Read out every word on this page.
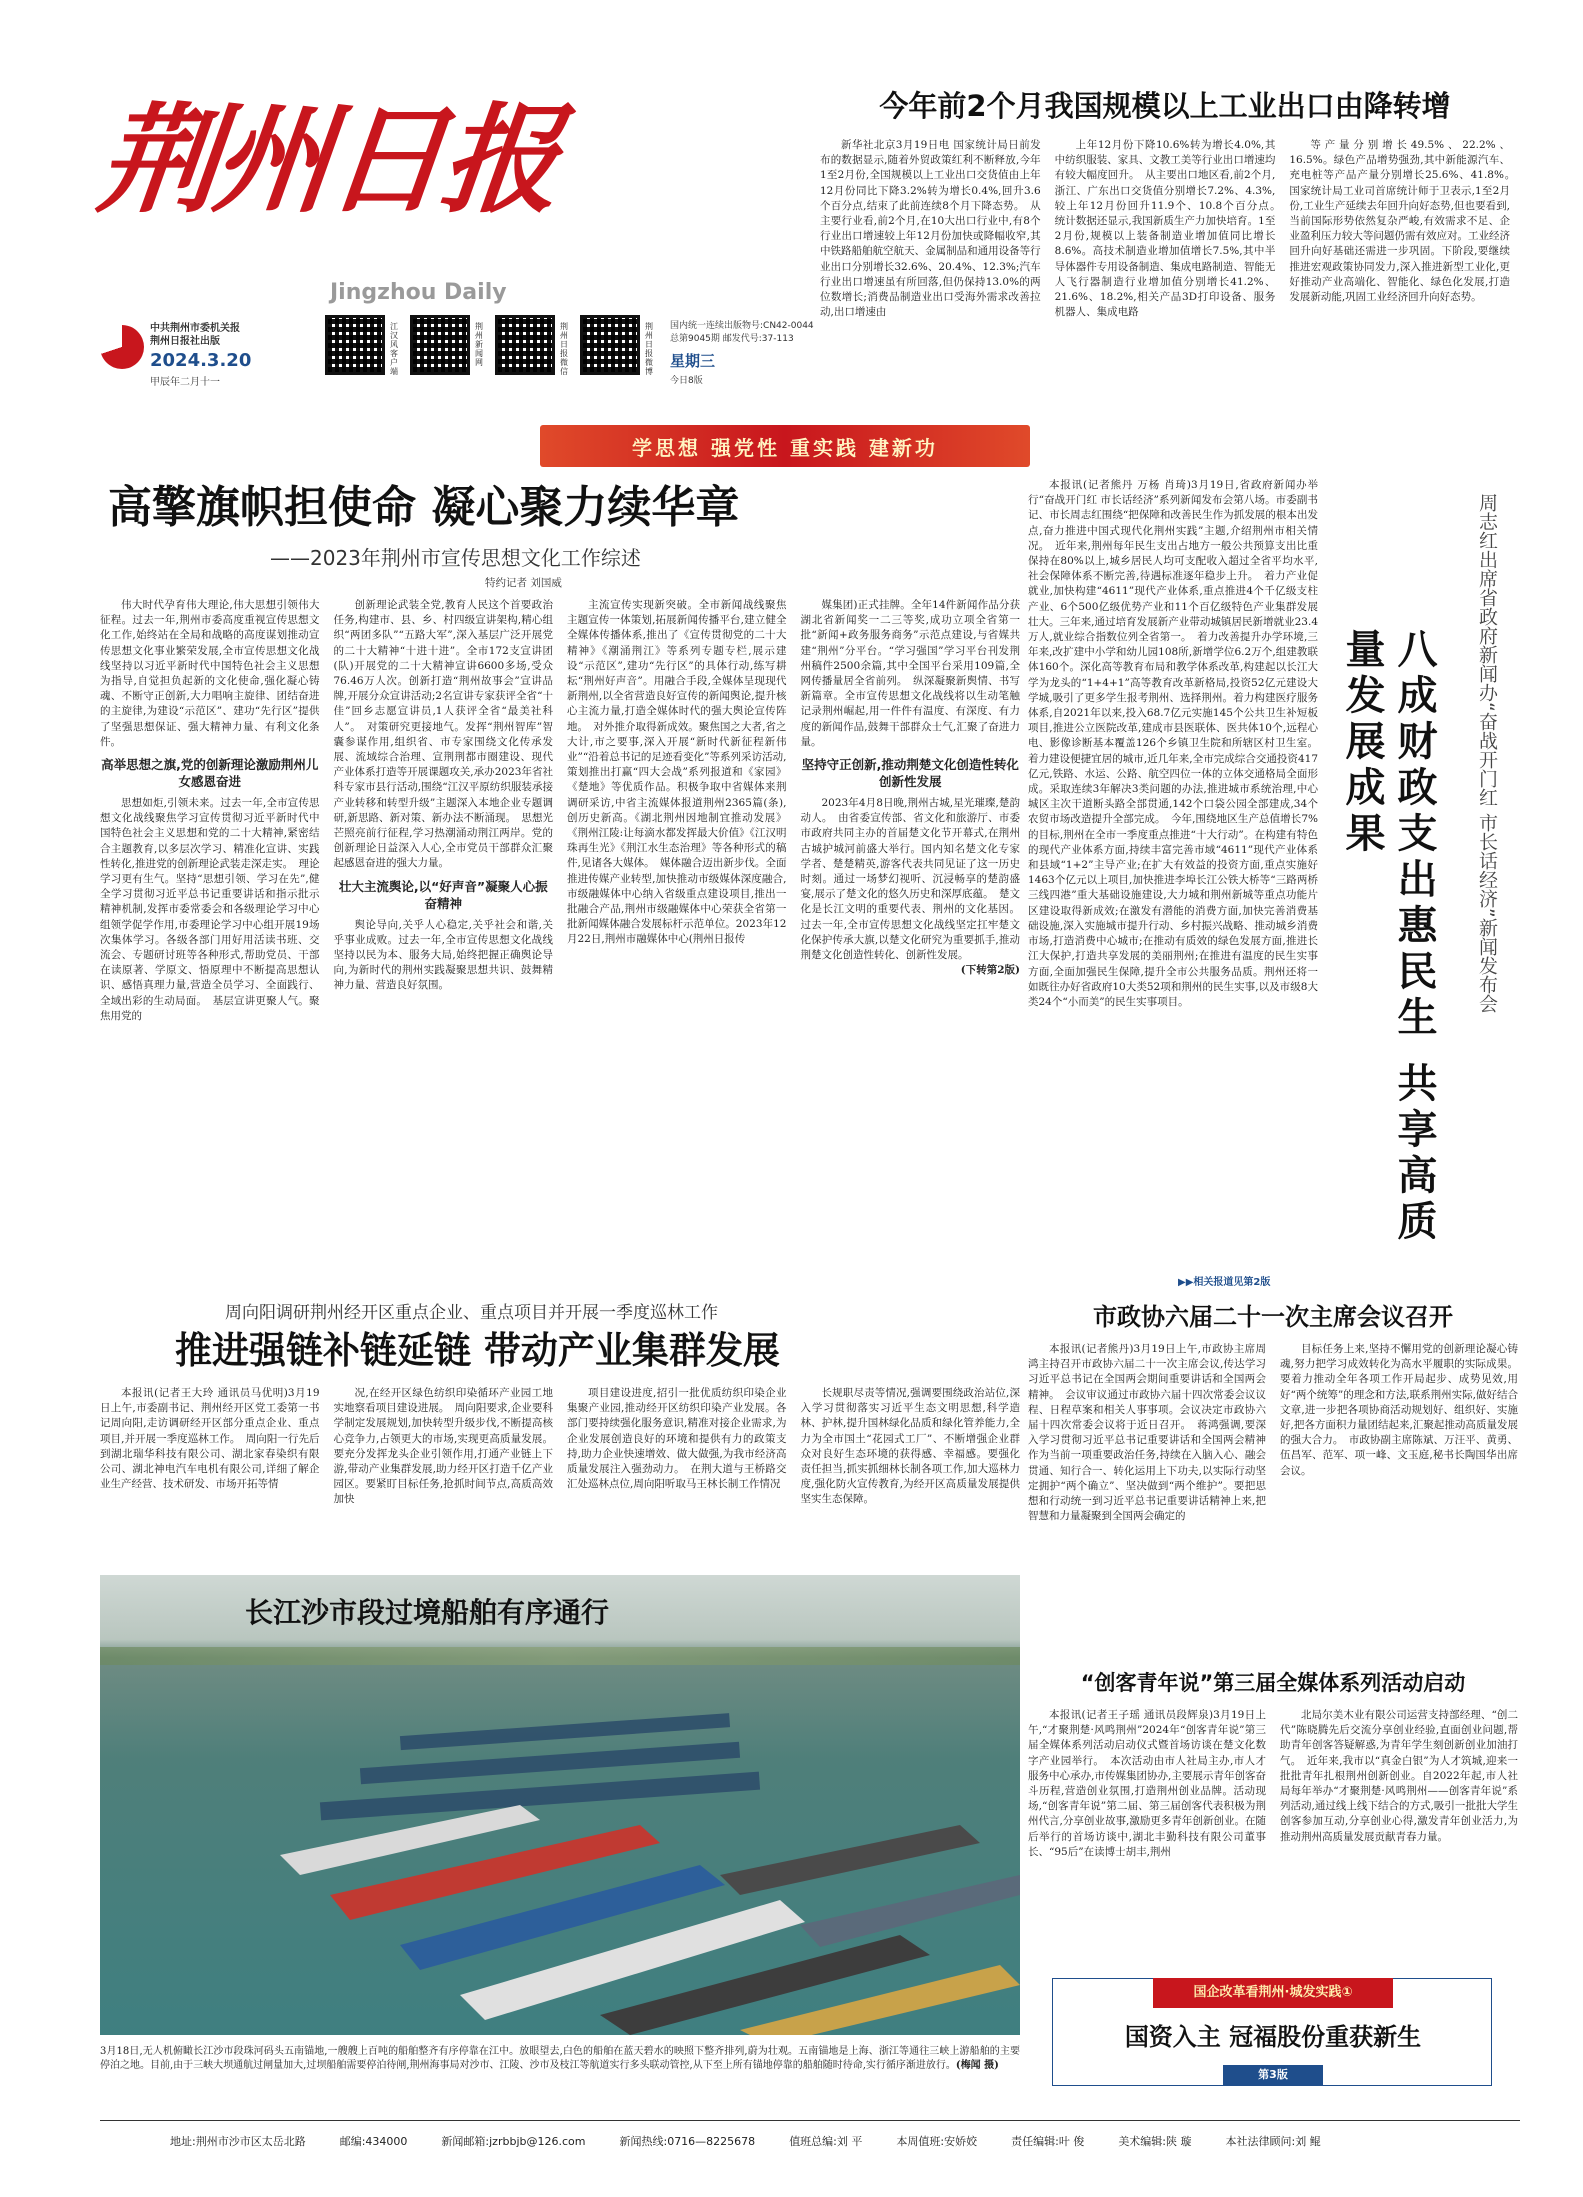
荆州日报
Jingzhou Daily
中共荆州市委机关报
荆州日报社出版
2024.3.20
甲辰年二月十一
江汉风客户端
荆州新闻网
荆州日报微信
荆州日报微博
国内统一连续出版物号:CN42-0044
总第9045期 邮发代号:37-113
星期三
今日8版
今年前2个月我国规模以上工业出口由降转增

新华社北京3月19日电 国家统计局日前发布的数据显示,随着外贸政策红利不断释放,今年1至2月份,全国规模以上工业出口交货值由上年12月份同比下降3.2%转为增长0.4%,回升3.6个百分点,结束了此前连续8个月下降态势。　从主要行业看,前2个月,在10大出口行业中,有8个行业出口增速较上年12月份加快或降幅收窄,其中铁路船舶航空航天、金属制品和通用设备等行业出口分别增长32.6%、20.4%、12.3%;汽车行业出口增速虽有所回落,但仍保持13.0%的两位数增长;消费品制造业出口受海外需求改善拉动,出口增速由

上年12月份下降10.6%转为增长4.0%,其中纺织服装、家具、文教工美等行业出口增速均有较大幅度回升。　从主要出口地区看,前2个月,浙江、广东出口交货值分别增长7.2%、4.3%,较上年12月份回升11.9个、10.8个百分点。　统计数据还显示,我国新质生产力加快培育。1至2月份,规模以上装备制造业增加值同比增长8.6%。高技术制造业增加值增长7.5%,其中半导体器件专用设备制造、集成电路制造、智能无人飞行器制造行业增加值分别增长41.2%、21.6%、18.2%,相关产品3D打印设备、服务机器人、集成电路

等产量分别增长49.5%、22.2%、16.5%。绿色产品增势强劲,其中新能源汽车、充电桩等产品产量分别增长25.6%、41.8%。　国家统计局工业司首席统计师于卫表示,1至2月份,工业生产延续去年回升向好态势,但也要看到,当前国际形势依然复杂严峻,有效需求不足、企业盈利压力较大等问题仍需有效应对。工业经济回升向好基础还需进一步巩固。下阶段,要继续推进宏观政策协同发力,深入推进新型工业化,更好推动产业高端化、智能化、绿色化发展,打造发展新动能,巩固工业经济回升向好态势。

学思想 强党性 重实践 建新功
高擎旗帜担使命 凝心聚力续华章
——2023年荆州市宣传思想文化工作综述
特约记者 刘国威

伟大时代孕育伟大理论,伟大思想引领伟大征程。过去一年,荆州市委高度重视宣传思想文化工作,始终站在全局和战略的高度谋划推动宣传思想文化事业繁荣发展,全市宣传思想文化战线坚持以习近平新时代中国特色社会主义思想为指导,自觉担负起新的文化使命,强化凝心铸魂、不断守正创新,大力唱响主旋律、团结奋进的主旋律,为建设“示范区”、建功“先行区”提供了坚强思想保证、强大精神力量、有利文化条件。

高举思想之旗,党的创新理论激励荆州儿女感恩奋进

思想如炬,引领未来。过去一年,全市宣传思想文化战线聚焦学习宣传贯彻习近平新时代中国特色社会主义思想和党的二十大精神,紧密结合主题教育,以多层次学习、精准化宣讲、实践性转化,推进党的创新理论武装走深走实。　理论学习更有生气。坚持“思想引领、学习在先”,健全学习贯彻习近平总书记重要讲话和指示批示精神机制,发挥市委常委会和各级理论学习中心组领学促学作用,市委理论学习中心组开展19场次集体学习。各级各部门用好用活读书班、交流会、专题研讨班等各种形式,帮助党员、干部在读原著、学原文、悟原理中不断提高思想认识、感悟真理力量,营造全员学习、全面践行、全域出彩的生动局面。　基层宣讲更聚人气。聚焦用党的

创新理论武装全党,教育人民这个首要政治任务,构建市、县、乡、村四级宣讲架构,精心组织“两团多队”“五路大军”,深入基层广泛开展党的二十大精神“十进十进”。全市172支宣讲团(队)开展党的二十大精神宣讲6600多场,受众76.46万人次。创新打造“荆州故事会”宣讲品牌,开展分众宣讲活动;2名宣讲专家获评全省“十佳”回乡志愿宣讲员,1人获评全省“最美社科人”。　对策研究更接地气。发挥“荆州智库”智囊参谋作用,组织省、市专家围绕文化传承发展、流域综合治理、宣荆荆都市圈建设、现代产业体系打造等开展课题攻关,承办2023年省社科专家市县行活动,围绕“江汉平原纺织服装承接产业转移和转型升级”主题深入本地企业专题调研,新思路、新对策、新办法不断涌现。　思想光芒照亮前行征程,学习热潮涌动荆江两岸。党的创新理论日益深入人心,全市党员干部群众汇聚起感恩奋进的强大力量。

壮大主流舆论,以“好声音”凝聚人心振奋精神

舆论导向,关乎人心稳定,关乎社会和谐,关乎事业成败。过去一年,全市宣传思想文化战线坚持以民为本、服务大局,始终把握正确舆论导向,为新时代的荆州实践凝聚思想共识、鼓舞精神力量、营造良好氛围。

主流宣传实现新突破。全市新闻战线聚焦主题宣传一体策划,拓展新闻传播平台,建立健全全媒体传播体系,推出了《宣传贯彻党的二十大精神》《潮涌荆江》等系列专题专栏,展示建设“示范区”,建功“先行区”的具体行动,练写耕耘“荆州好声音”。用融合手段,全媒体呈现现代新荆州,以全省营造良好宣传的新闻舆论,提升核心主流力量,打造全媒体时代的强大舆论宣传阵地。　对外推介取得新成效。聚焦国之大者,省之大计,市之要事,深入开展“新时代新征程新伟业”“沿着总书记的足迹看变化”等系列采访活动,策划推出打赢“四大会战”系列报道和《家园》《楚地》等优质作品。积极争取中省媒体来荆调研采访,中省主流媒体报道荆州2365篇(条),创历史新高。《湖北荆州因地制宜推动发展》《荆州江陵:让每滴水都发挥最大价值》《江汉明珠再生光》《荆江水生态治理》等各种形式的稿件,见诸各大媒体。　媒体融合迈出新步伐。全面推进传媒产业转型,加快推动市级媒体深度融合,市级融媒体中心纳入省级重点建设项目,推出一批融合产品,荆州市级融媒体中心荣获全省第一批新闻媒体融合发展标杆示范单位。2023年12月22日,荆州市融媒体中心(荆州日报传

媒集团)正式挂牌。全年14件新闻作品分获湖北省新闻奖一二三等奖,成功立项全省第一批“新闻+政务服务商务”示范点建设,与省媒共建“荆州”分平台。“学习强国”学习平台刊发荆州稿件2500余篇,其中全国平台采用109篇,全网传播量居全省前列。　纵深凝聚新舆情、书写新篇章。全市宣传思想文化战线将以生动笔触记录荆州崛起,用一件件有温度、有深度、有力度的新闻作品,鼓舞干部群众士气,汇聚了奋进力量。

坚持守正创新,推动荆楚文化创造性转化创新性发展

2023年4月8日晚,荆州古城,星光璀璨,楚韵动人。　由省委宣传部、省文化和旅游厅、市委市政府共同主办的首届楚文化节开幕式,在荆州古城护城河前盛大举行。国内知名楚文化专家学者、楚楚精英,游客代表共同见证了这一历史时刻。通过一场梦幻视听、沉浸畅享的楚韵盛宴,展示了楚文化的悠久历史和深厚底蕴。　楚文化是长江文明的重要代表、荆州的文化基因。过去一年,全市宣传思想文化战线坚定扛牢楚文化保护传承大旗,以楚文化研究为重要抓手,推动荆楚文化创造性转化、创新性发展。

(下转第2版)

本报讯(记者熊丹 万杨 肖琦)3月19日,省政府新闻办举行“奋战开门红 市长话经济”系列新闻发布会第八场。市委副书记、市长周志红围绕“把保障和改善民生作为抓发展的根本出发点,奋力推进中国式现代化荆州实践”主题,介绍荆州市相关情况。　近年来,荆州每年民生支出占地方一般公共预算支出比重保持在80%以上,城乡居民人均可支配收入超过全省平均水平,社会保障体系不断完善,待遇标准逐年稳步上升。　着力产业促就业,加快构建“4611”现代产业体系,重点推进4个千亿级支柱产业、6个500亿级优势产业和11个百亿级特色产业集群发展壮大。三年来,通过培育发展新产业带动城镇居民新增就业23.4万人,就业综合指数位列全省第一。　着力改善提升办学环境,三年来,改扩建中小学和幼儿园108所,新增学位6.2万个,组建教联体160个。深化高等教育布局和教学体系改革,构建起以长江大学为龙头的“1+4+1”高等教育改革新格局,投资52亿元建设大学城,吸引了更多学生报考荆州、选择荆州。着力构建医疗服务体系,自2021年以来,投入68.7亿元实施145个公共卫生补短板项目,推进公立医院改革,建成市县医联体、医共体10个,远程心电、影像诊断基本覆盖126个乡镇卫生院和所辖区村卫生室。着力建设便捷宜居的城市,近几年来,全市完成综合交通投资417亿元,铁路、水运、公路、航空四位一体的立体交通格局全面形成。采取连续3年解决3类问题的办法,推进城市系统治理,中心城区主次干道断头路全部贯通,142个口袋公园全部建成,34个农贸市场改造提升全部完成。　今年,围绕地区生产总值增长7%的目标,荆州在全市一季度重点推进“十大行动”。在构建有特色的现代产业体系方面,持续丰富完善市域“4611”现代产业体系和县域“1+2”主导产业;在扩大有效益的投资方面,重点实施好1463个亿元以上项目,加快推进李埠长江公铁大桥等“三路两桥三线四港”重大基础设施建设,大力城和荆州新城等重点功能片区建设取得新成效;在激发有潜能的消费方面,加快完善消费基础设施,深入实施城市提升行动、乡村振兴战略、推动城乡消费市场,打造消费中心城市;在推动有质效的绿色发展方面,推进长江大保护,打造共享发展的美丽荆州;在推进有温度的民生实事方面,全面加强民生保障,提升全市公共服务品质。荆州还将一如既往办好省政府10大类52项和荆州的民生实事,以及市级8大类24个“小而美”的民生实事项目。

▶▶相关报道见第2版
八成财政支出惠民生 共享高质量发展成果	周志红出席省政府新闻办“奋战开门红 市长话经济”新闻发布会
周向阳调研荆州经开区重点企业、重点项目并开展一季度巡林工作
推进强链补链延链 带动产业集群发展

本报讯(记者王大玲 通讯员马优明)3月19日上午,市委副书记、荆州经开区党工委第一书记周向阳,走访调研经开区部分重点企业、重点项目,并开展一季度巡林工作。　周向阳一行先后到湖北瑞华科技有限公司、湖北家春染织有限公司、湖北神电汽车电机有限公司,详细了解企业生产经营、技术研发、市场开拓等情

况,在经开区绿色纺织印染循环产业园工地实地察看项目建设进展。　周向阳要求,企业要科学制定发展规划,加快转型升级步伐,不断提高核心竞争力,占领更大的市场,实现更高质量发展。要充分发挥龙头企业引领作用,打通产业链上下游,带动产业集群发展,助力经开区打造千亿产业园区。要紧盯目标任务,抢抓时间节点,高质高效加快

项目建设进度,招引一批优质纺织印染企业集聚产业园,推动经开区纺织印染产业发展。各部门要持续强化服务意识,精准对接企业需求,为企业发展创造良好的环境和提供有力的政策支持,助力企业快速增效、做大做强,为我市经济高质量发展注入强劲动力。　在荆大道与王桥路交汇处巡林点位,周向阳听取马王林长制工作情况

长规职尽责等情况,强调要围绕政治站位,深入学习贯彻落实习近平生态文明思想,科学造林、护林,提升国林绿化品质和绿化管养能力,全力为全市国土“花园式工厂”、不断增强企业群众对良好生态环境的获得感、幸福感。要强化责任担当,抓实抓细林长制各项工作,加大巡林力度,强化防火宣传教育,为经开区高质量发展提供坚实生态保障。

长江沙市段过境船舶有序通行
3月18日,无人机俯瞰长江沙市段珠河码头五南锚地,一艘艘上百吨的船舶整齐有序停靠在江中。放眼望去,白色的船舶在蓝天碧水的映照下整齐排列,蔚为壮观。五南锚地是上海、浙江等通往三峡上游船舶的主要停泊之地。目前,由于三峡大坝通航过闸量加大,过坝船舶需要停泊待闸,荆州海事局对沙市、江陵、沙市及枝江等航道实行多头联动管控,从下至上所有锚地停靠的船舶随时待命,实行循序渐进放行。(梅闻 摄)
市政协六届二十一次主席会议召开

本报讯(记者熊丹)3月19日上午,市政协主席周鸿主持召开市政协六届二十一次主席会议,传达学习习近平总书记在全国两会期间重要讲话和全国两会精神。　会议审议通过市政协六届十四次常委会议议程、日程草案和相关人事事项。会议决定市政协六届十四次常委会议将于近日召开。　蒋鸿强调,要深入学习贯彻习近平总书记重要讲话和全国两会精神作为当前一项重要政治任务,持续在入脑入心、融会贯通、知行合一、转化运用上下功夫,以实际行动坚定拥护“两个确立”、坚决做到“两个维护”。要把思想和行动统一到习近平总书记重要讲话精神上来,把智慧和力量凝聚到全国两会确定的

目标任务上来,坚持不懈用党的创新理论凝心铸魂,努力把学习成效转化为高水平履职的实际成果。要着力推动全年各项工作开局起步、成势见效,用好“两个统筹”的理念和方法,联系荆州实际,做好结合文章,进一步把各项协商活动规划好、组织好、实施好,把各方面积力量团结起来,汇聚起推动高质量发展的强大合力。　市政协副主席陈斌、万汪平、黄勇、伍昌军、范军、项一峰、文玉庭,秘书长陶国华出席会议。

“创客青年说”第三届全媒体系列活动启动

本报讯(记者王子瑶 通讯员段辉泉)3月19日上午,“才聚荆楚·风鸣荆州”2024年“创客青年说”第三届全媒体系列活动启动仪式暨首场访谈在楚文化数字产业园举行。　本次活动由市人社局主办,市人才服务中心承办,市传媒集团协办,主要展示青年创客奋斗历程,营造创业氛围,打造荆州创业品牌。活动现场,“创客青年说”第二届、第三届创客代表积极为荆州代言,分享创业故事,激励更多青年创新创业。在随后举行的首场访谈中,湖北丰勤科技有限公司董事长、“95后”在读博士胡丰,荆州

北局尔美木业有限公司运营支持部经理、“创二代”陈晓腾先后交流分享创业经验,直面创业问题,帮助青年创客答疑解惑,为青年学生刻创新创业加油打气。　近年来,我市以“真金白银”为人才筑城,迎来一批批青年扎根荆州创新创业。自2022年起,市人社局每年举办“才聚荆楚·风鸣荆州——创客青年说”系列活动,通过线上线下结合的方式,吸引一批批大学生创客参加互动,分享创业心得,激发青年创业活力,为推动荆州高质量发展贡献青春力量。

国企改革看荆州·城发实践①
国资入主 冠福股份重获新生
第3版
地址:荆州市沙市区太岳北路	邮编:434000	新闻邮箱:jzrbbjb@126.com	新闻热线:0716—8225678	值班总编:刘 平	本周值班:安娇姣	责任编辑:叶 俊	美术编辑:陕 璇	本社法律顾问:刘 鲲
